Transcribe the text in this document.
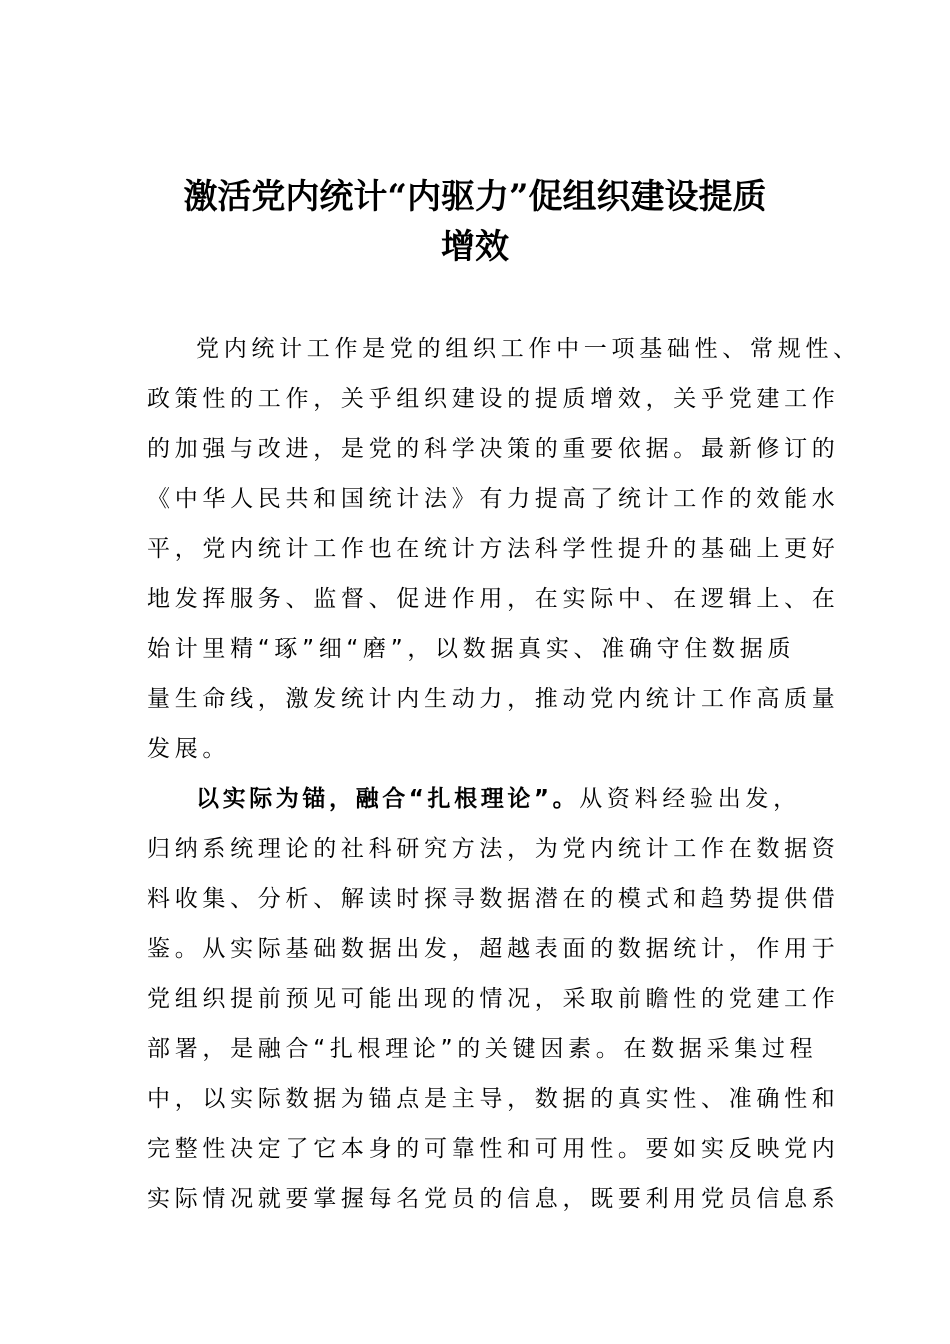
激活党内统计“内驱力”促组织建设提质
增效
党内统计工作是党的组织工作中一项基础性、常规性、
政策性的工作，关乎组织建设的提质增效，关乎党建工作
的加强与改进，是党的科学决策的重要依据。最新修订的
《中华人民共和国统计法》有力提高了统计工作的效能水
平，党内统计工作也在统计方法科学性提升的基础上更好
地发挥服务、监督、促进作用，在实际中、在逻辑上、在
始计里精“琢”细“磨”，以数据真实、准确守住数据质
量生命线，激发统计内生动力，推动党内统计工作高质量
发展。
以实际为锚，融合“扎根理论”。从资料经验出发，
归纳系统理论的社科研究方法，为党内统计工作在数据资
料收集、分析、解读时探寻数据潜在的模式和趋势提供借
鉴。从实际基础数据出发，超越表面的数据统计，作用于
党组织提前预见可能出现的情况，采取前瞻性的党建工作
部署，是融合“扎根理论”的关键因素。在数据采集过程
中，以实际数据为锚点是主导，数据的真实性、准确性和
完整性决定了它本身的可靠性和可用性。要如实反映党内
实际情况就要掌握每名党员的信息，既要利用党员信息系
